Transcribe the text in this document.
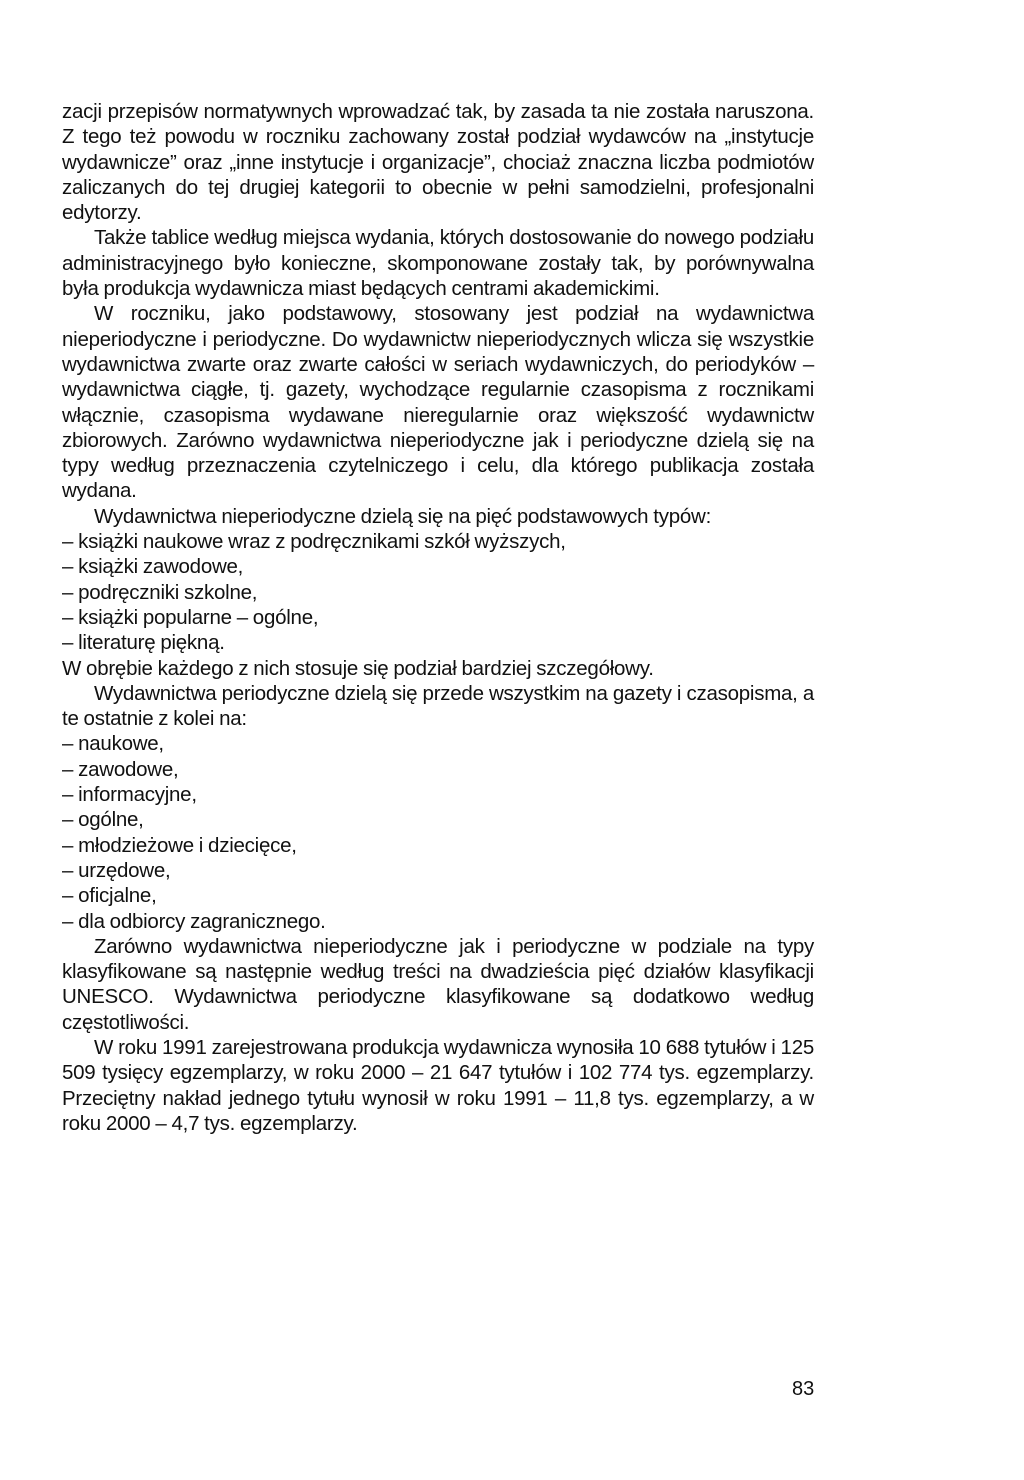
zacji przepisów normatywnych wprowadzać tak, by zasada ta nie została naruszona. Z tego też powodu w roczniku zachowany został podział wydawców na „instytucje wydawnicze” oraz „inne instytucje i organizacje”, chociaż znaczna liczba podmiotów zaliczanych do tej drugiej kategorii to obecnie w pełni samodzielni, profesjonalni edytorzy.

Także tablice według miejsca wydania, których dostosowanie do nowego podziału administracyjnego było konieczne, skomponowane zostały tak, by porównywalna była produkcja wydawnicza miast będących centrami akademickimi.

W roczniku, jako podstawowy, stosowany jest podział na wydawnictwa nieperiodyczne i periodyczne. Do wydawnictw nieperiodycznych wlicza się wszystkie wydawnictwa zwarte oraz zwarte całości w seriach wydawniczych, do periodyków – wydawnictwa ciągłe, tj. gazety, wychodzące regularnie czasopisma z rocznikami włącznie, czasopisma wydawane nieregularnie oraz większość wydawnictw zbiorowych. Zarówno wydawnictwa nieperiodyczne jak i periodyczne dzielą się na typy według przeznaczenia czytelniczego i celu, dla którego publikacja została wydana.

Wydawnictwa nieperiodyczne dzielą się na pięć podstawowych typów:

– książki naukowe wraz z podręcznikami szkół wyższych,
– książki zawodowe,
– podręczniki szkolne,
– książki popularne – ogólne,
– literaturę piękną.

W obrębie każdego z nich stosuje się podział bardziej szczegółowy.

Wydawnictwa periodyczne dzielą się przede wszystkim na gazety i czasopisma, a te ostatnie z kolei na:

– naukowe,
– zawodowe,
– informacyjne,
– ogólne,
– młodzieżowe i dziecięce,
– urzędowe,
– oficjalne,
– dla odbiorcy zagranicznego.

Zarówno wydawnictwa nieperiodyczne jak i periodyczne w podziale na typy klasyfikowane są następnie według treści na dwadzieścia pięć działów klasyfikacji UNESCO. Wydawnictwa periodyczne klasyfikowane są dodatkowo według częstotliwości.

W roku 1991 zarejestrowana produkcja wydawnicza wynosiła 10 688 tytułów i 125 509 tysięcy egzemplarzy, w roku 2000 – 21 647 tytułów i 102 774 tys. egzemplarzy. Przeciętny nakład jednego tytułu wynosił w roku 1991 – 11,8 tys. egzemplarzy, a w roku 2000 – 4,7 tys. egzemplarzy.

83
